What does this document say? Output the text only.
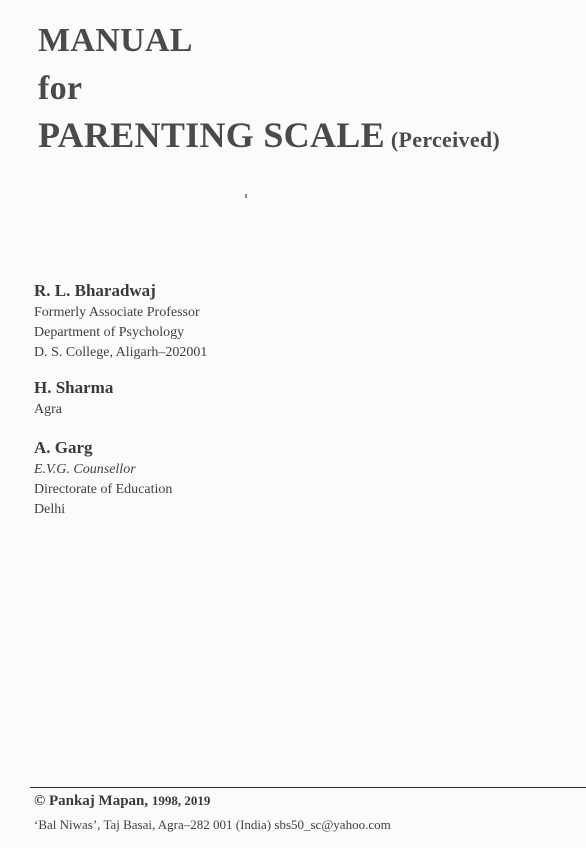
MANUAL
for
PARENTING SCALE (Perceived)
R. L. Bharadwaj
Formerly Associate Professor
Department of Psychology
D. S. College, Aligarh–202001
H. Sharma
Agra
A. Garg
E.V.G. Counsellor
Directorate of Education
Delhi
© Pankaj Mapan, 1998, 2019
‘Bal Niwas’, Taj Basai, Agra–282 001 (India) sbs50_sc@yahoo.com
